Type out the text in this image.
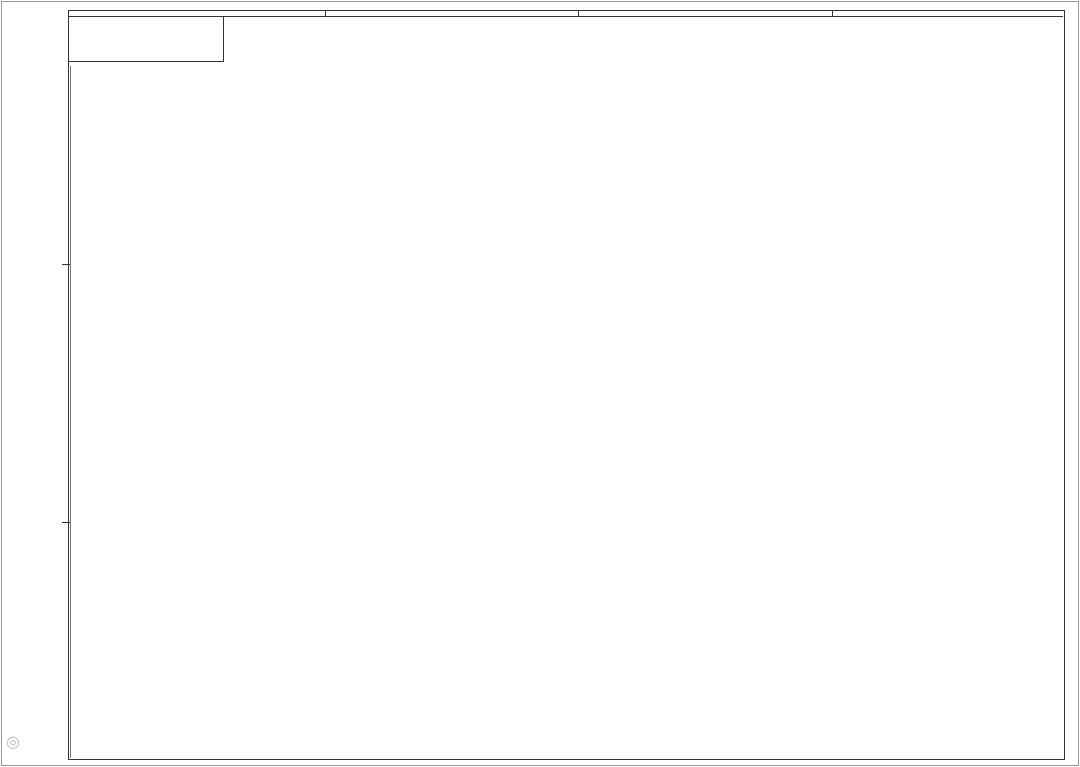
◎
